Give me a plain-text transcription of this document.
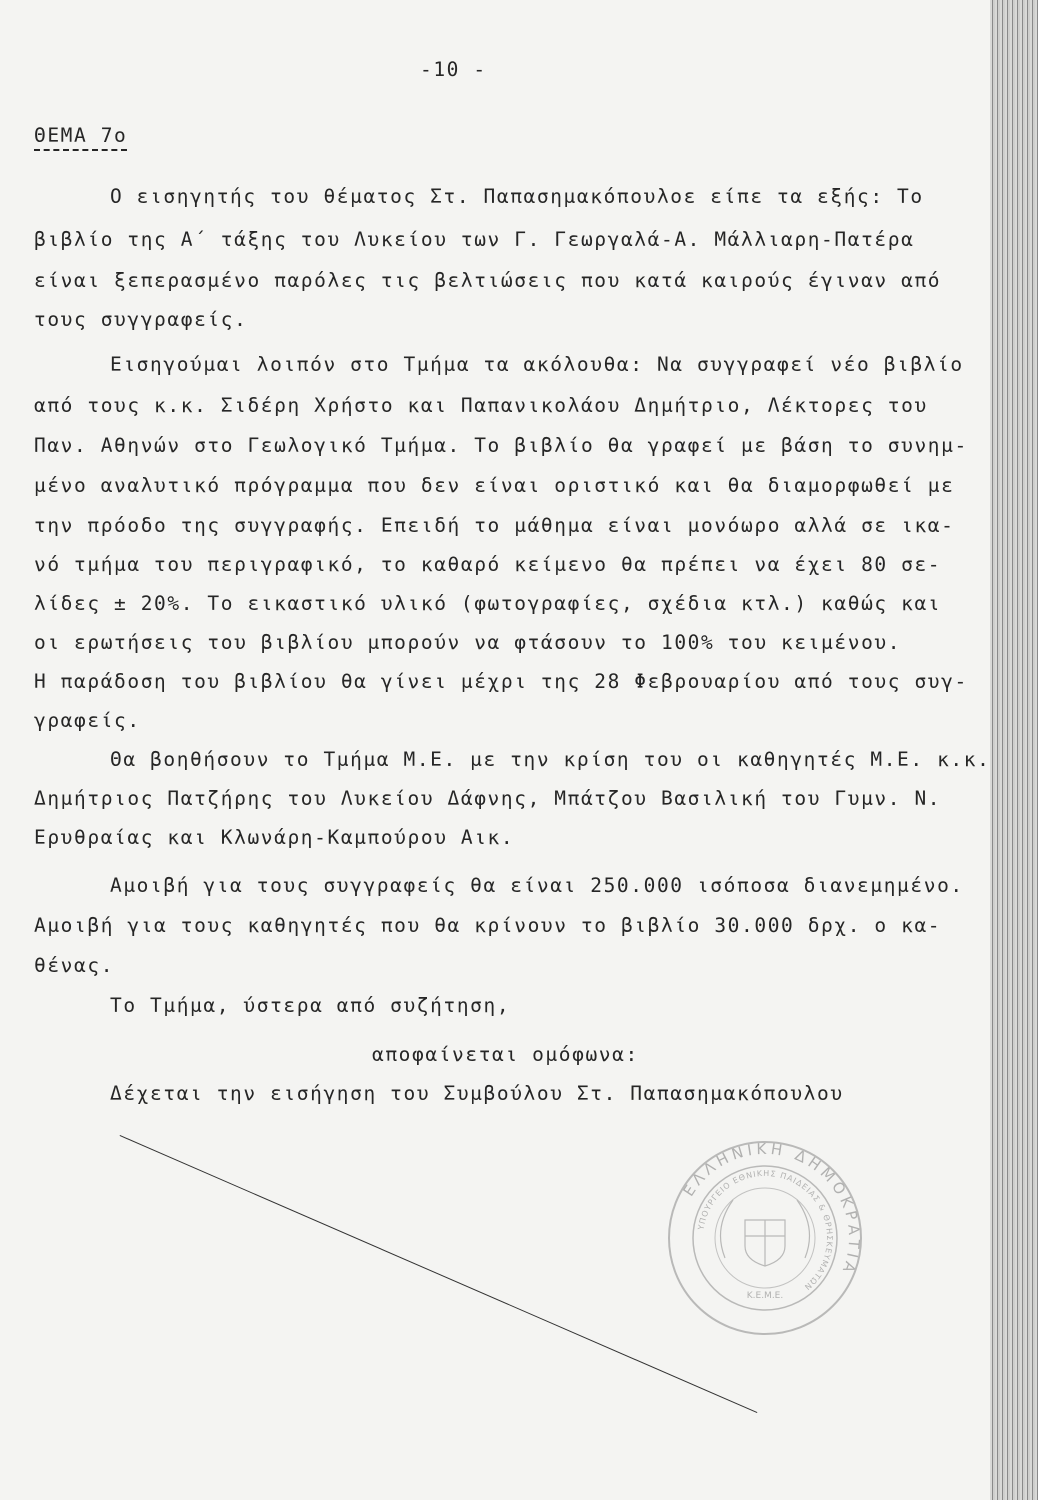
-10 -
ΘΕΜΑ 7ο
Ο εισηγητής του θέματος Στ. Παπασημακόπουλοε είπε τα εξής: Το
βιβλίο της Α΄ τάξης του Λυκείου των Γ. Γεωργαλά-Α. Μάλλιαρη-Πατέρα
είναι ξεπερασμένο παρόλες τις βελτιώσεις που κατά καιρούς έγιναν από
τους συγγραφείς.
Εισηγούμαι λοιπόν στο Τμήμα τα ακόλουθα: Να συγγραφεί νέο βιβλίο
από τους κ.κ. Σιδέρη Χρήστο και Παπανικολάου Δημήτριο, Λέκτορες του
Παν. Αθηνών στο Γεωλογικό Τμήμα. Το βιβλίο θα γραφεί με βάση το συνημ-
μένο αναλυτικό πρόγραμμα που δεν είναι οριστικό και θα διαμορφωθεί με
την πρόοδο της συγγραφής. Επειδή το μάθημα είναι μονόωρο αλλά σε ικα-
νό τμήμα του περιγραφικό, το καθαρό κείμενο θα πρέπει να έχει 80 σε-
λίδες ± 20%. Το εικαστικό υλικό (φωτογραφίες, σχέδια κτλ.) καθώς και
οι ερωτήσεις του βιβλίου μπορούν να φτάσουν το 100% του κειμένου.
Η παράδοση του βιβλίου θα γίνει μέχρι της 28 Φεβρουαρίου από τους συγ-
γραφείς.
Θα βοηθήσουν το Τμήμα Μ.Ε. με την κρίση του οι καθηγητές Μ.Ε. κ.κ.
Δημήτριος Πατζήρης του Λυκείου Δάφνης, Μπάτζου Βασιλική του Γυμν. Ν.
Ερυθραίας και Κλωνάρη-Καμπούρου Αικ.
Αμοιβή για τους συγγραφείς θα είναι 250.000 ισόποσα διανεμημένο.
Αμοιβή για τους καθηγητές που θα κρίνουν το βιβλίο 30.000 δρχ. ο κα-
θένας.
Το Τμήμα, ύστερα από συζήτηση,
αποφαίνεται ομόφωνα:
Δέχεται την εισήγηση του Συμβούλου Στ. Παπασημακόπουλου
ΕΛΛΗΝΙΚΗ ΔΗΜΟΚΡΑΤΙΑ
ΥΠΟΥΡΓΕΙΟ ΕΘΝΙΚΗΣ ΠΑΙΔΕΙΑΣ & ΘΡΗΣΚΕΥΜΑΤΩΝ
Κ.Ε.Μ.Ε.
